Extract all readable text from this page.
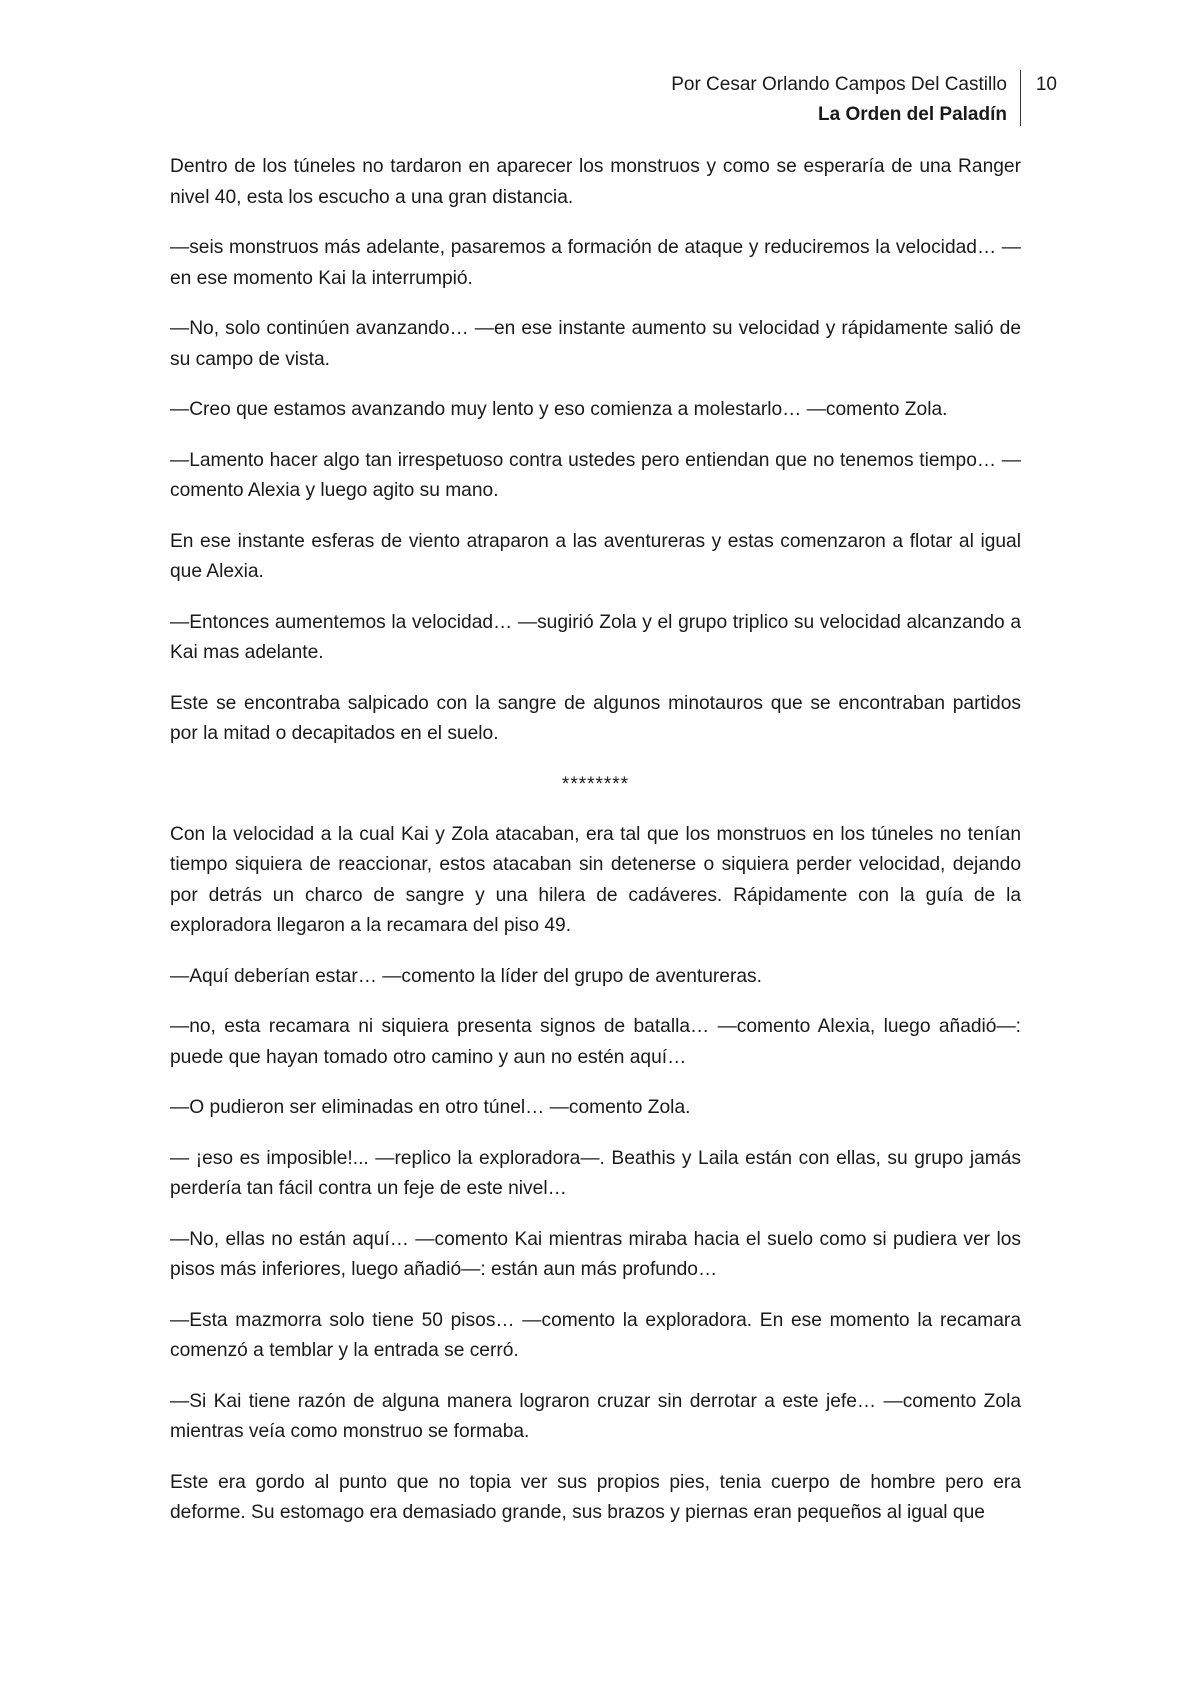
Por Cesar Orlando Campos Del Castillo
La Orden del Paladín
10

Dentro de los túneles no tardaron en aparecer los monstruos y como se esperaría de una Ranger nivel 40, esta los escucho a una gran distancia.

—seis monstruos más adelante, pasaremos a formación de ataque y reduciremos la velocidad… —en ese momento Kai la interrumpió.

—No, solo continúen avanzando… —en ese instante aumento su velocidad y rápidamente salió de su campo de vista.

—Creo que estamos avanzando muy lento y eso comienza a molestarlo… —comento Zola.

—Lamento hacer algo tan irrespetuoso contra ustedes pero entiendan que no tenemos tiempo… —comento Alexia y luego agito su mano.

En ese instante esferas de viento atraparon a las aventureras y estas comenzaron a flotar al igual que Alexia.

—Entonces aumentemos la velocidad… —sugirió Zola y el grupo triplico su velocidad alcanzando a Kai mas adelante.

Este se encontraba salpicado con la sangre de algunos minotauros que se encontraban partidos por la mitad o decapitados en el suelo.

********

Con la velocidad a la cual Kai y Zola atacaban, era tal que los monstruos en los túneles no tenían tiempo siquiera de reaccionar, estos atacaban sin detenerse o siquiera perder velocidad, dejando por detrás un charco de sangre y una hilera de cadáveres. Rápidamente con la guía de la exploradora llegaron a la recamara del piso 49.

—Aquí deberían estar… —comento la líder del grupo de aventureras.

—no, esta recamara ni siquiera presenta signos de batalla… —comento Alexia, luego añadió—: puede que hayan tomado otro camino y aun no estén aquí…

—O pudieron ser eliminadas en otro túnel… —comento Zola.

— ¡eso es imposible!... —replico la exploradora—. Beathis y Laila están con ellas, su grupo jamás perdería tan fácil contra un feje de este nivel…

—No, ellas no están aquí… —comento Kai mientras miraba hacia el suelo como si pudiera ver los pisos más inferiores, luego añadió—: están aun más profundo…

—Esta mazmorra solo tiene 50 pisos… —comento la exploradora. En ese momento la recamara comenzó a temblar y la entrada se cerró.

—Si Kai tiene razón de alguna manera lograron cruzar sin derrotar a este jefe… —comento Zola mientras veía como monstruo se formaba.

Este era gordo al punto que no topia ver sus propios pies, tenia cuerpo de hombre pero era deforme. Su estomago era demasiado grande, sus brazos y piernas eran pequeños al igual que
